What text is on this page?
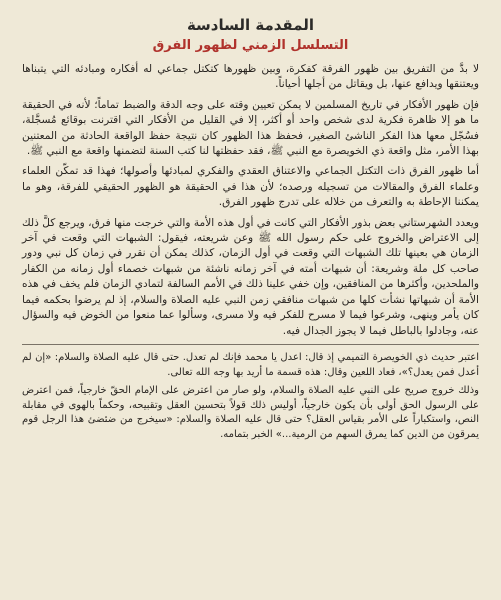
المقدمة السادسة
التسلسل الزمني لظهور الفرق

لا بدَّ من التفريق بين ظهور الفرقة كفكرة، وبين ظهورها كتكتل جماعي له أفكاره ومبادئه التي يتبناها ويعتنقها ويدافع عنها، بل ويقاتل من أجلها أحياناً.

فإن ظهور الأفكار في تاريخ المسلمين لا يمكن تعيين وقته على وجه الدقة والضبط تماماً؛ لأنه في الحقيقة ما هو إلا ظاهرة فكرية لدى شخص واحد أو أكثر، إلا في القليل من الأفكار التي اقترنت بوقائع مُسجَّلة، فسُجّل معها هذا الفكر الناشئ الصغير، فحفظ هذا الظهور كان نتيجة حفظ الواقعة الحادثة من المعتنين بهذا الأمر، مثل واقعة ذي الخويصرة مع النبي ﷺ، فقد حفظتها لنا كتب السنة لتضمنها واقعة مع النبي ﷺ.

أما ظهور الفرق ذات التكتل الجماعي والاعتناق العقدي والفكري لمبادئها وأصولها؛ فهذا قد تمكّن العلماء وعلماء الفرق والمقالات من تسجيله ورصده؛ لأن هذا في الحقيقة هو الظهور الحقيقي للفرقة، وهو ما يمكننا الإحاطة به والتعرف من خلاله على تدرج ظهور الفرق.

ويعدد الشهرستاني بعض بذور الأفكار التي كانت في أول هذه الأمة والتي خرجت منها فرق، ويرجع كلَّ ذلك إلى الاعتراض والخروج على حكم رسول الله ﷺ وعن شريعته، فيقول: الشبهات التي وقعت في آخر الزمان هي بعينها تلك الشبهات التي وقعت في أول الزمان، كذلك يمكن أن نقرر في زمان كل نبي ودور صاحب كل ملة وشريعة: أن شبهات أمته في آخر زمانه ناشئة من شبهات خصماء أول زمانه من الكفار والملحدين، وأكثرها من المنافقين، وإن خفي علينا ذلك في الأمم السالفة لتمادي الزمان فلم يخف في هذه الأمة أن شبهاتها نشأت كلها من شبهات منافقي زمن النبي عليه الصلاة والسلام، إذ لم يرضوا بحكمه فيما كان يأمر وينهى، وشرعوا فيما لا مسرح للفكر فيه ولا مسرى، وسألوا عما منعوا من الخوض فيه والسؤال عنه، وجادلوا بالباطل فيما لا يجوز الجدال فيه.

اعتبر حديث ذي الخويصرة التميمي إذ قال: اعدل يا محمد فإنك لم تعدل. حتى قال عليه الصلاة والسلام: «إن لم أعدل فمن يعدل؟»، فعاد اللعين وقال: هذه قسمة ما أريد بها وجه الله تعالى.

وذلك خروج صريح على النبي عليه الصلاة والسلام، ولو صار من اعترض على الإمام الحقّ خارجياً، فمن اعترض على الرسول الحق أولى بأن يكون خارجياً، أوليس ذلك قولاً بتحسين العقل وتقبيحه، وحكماً بالهوى في مقابلة النص، واستكباراً على الأمر بقياس العقل؟ حتى قال عليه الصلاة والسلام: «سيخرج من ضئضئ هذا الرجل قوم يمرقون من الدين كما يمرق السهم من الرمية...» الخبر بتمامه.
